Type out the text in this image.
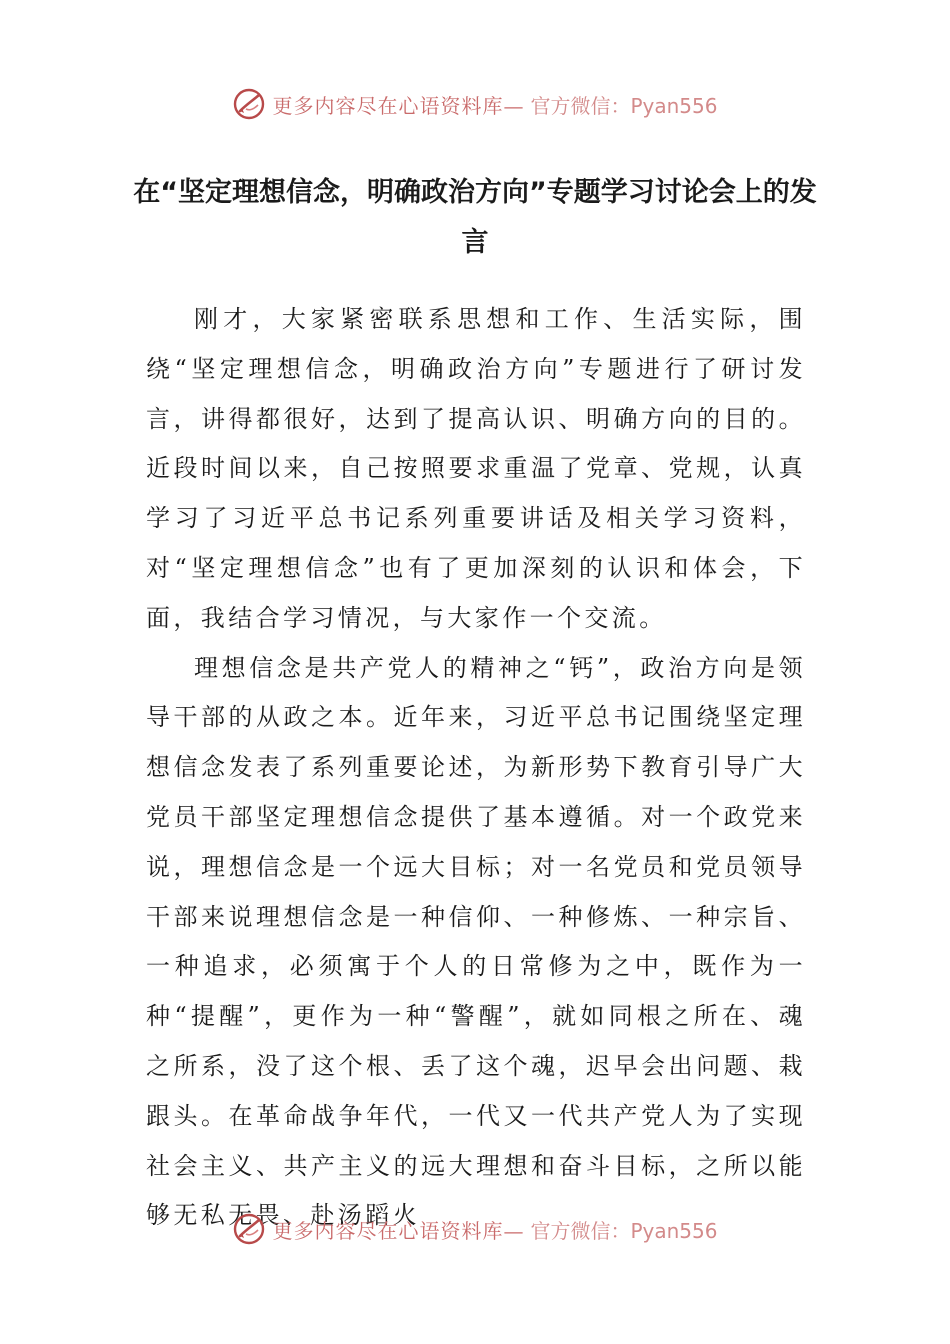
更多内容尽在心语资料库— 官方微信：Pyan556
在“坚定理想信念，明确政治方向”专题学习讨论会上的发言

刚才，大家紧密联系思想和工作、生活实际，围绕“坚定理想信念，明确政治方向”专题进行了研讨发言，讲得都很好，达到了提高认识、明确方向的目的。近段时间以来，自己按照要求重温了党章、党规，认真学习了习近平总书记系列重要讲话及相关学习资料，对“坚定理想信念”也有了更加深刻的认识和体会，下面，我结合学习情况，与大家作一个交流。

理想信念是共产党人的精神之“钙”，政治方向是领导干部的从政之本。近年来，习近平总书记围绕坚定理想信念发表了系列重要论述，为新形势下教育引导广大党员干部坚定理想信念提供了基本遵循。对一个政党来说，理想信念是一个远大目标；对一名党员和党员领导干部来说理想信念是一种信仰、一种修炼、一种宗旨、一种追求，必须寓于个人的日常修为之中，既作为一种“提醒”，更作为一种“警醒”，就如同根之所在、魂之所系，没了这个根、丢了这个魂，迟早会出问题、栽跟头。在革命战争年代，一代又一代共产党人为了实现社会主义、共产主义的远大理想和奋斗目标，之所以能够无私无畏、赴汤蹈火

更多内容尽在心语资料库— 官方微信：Pyan556
